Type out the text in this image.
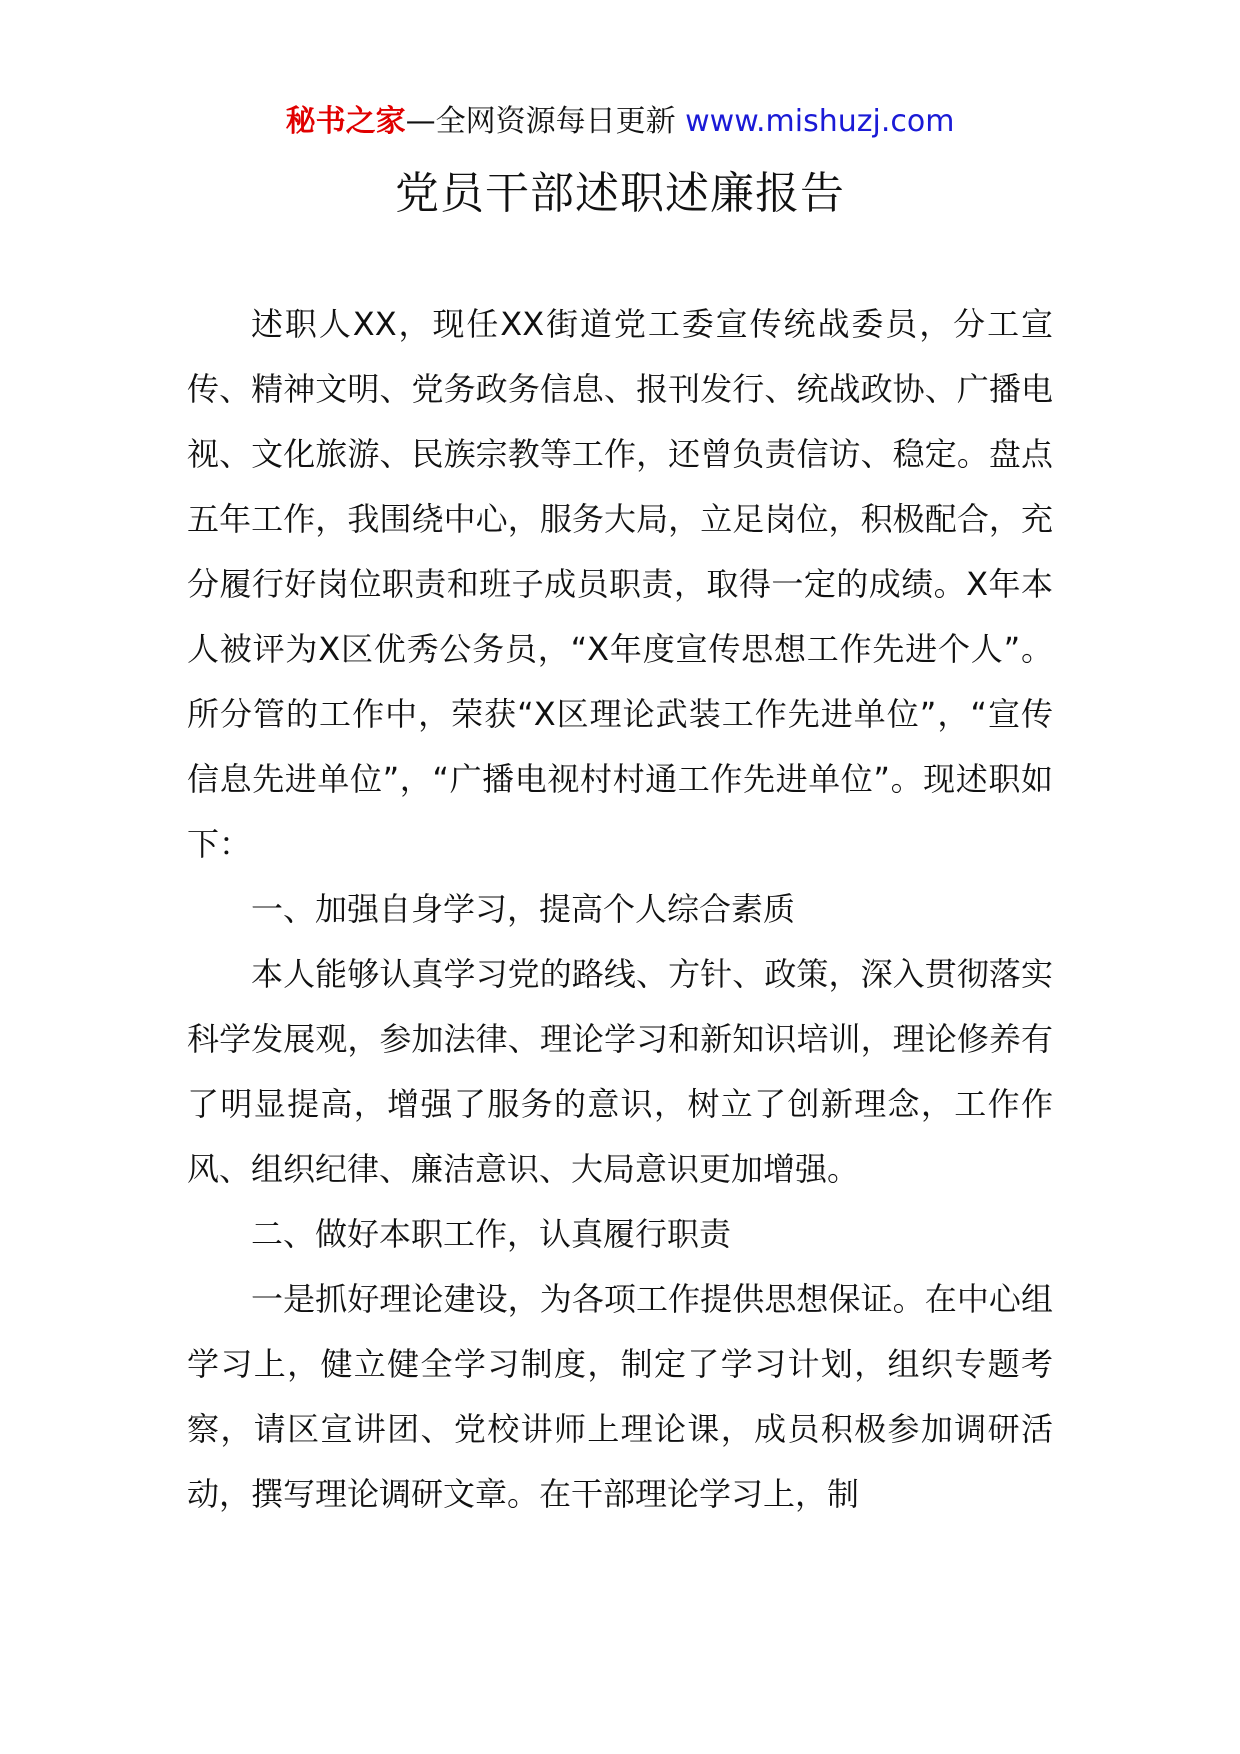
秘书之家—全网资源每日更新 www.mishuzj.com
党员干部述职述廉报告

述职人XX，现任XX街道党工委宣传统战委员，分工宣传、精神文明、党务政务信息、报刊发行、统战政协、广播电视、文化旅游、民族宗教等工作，还曾负责信访、稳定。盘点五年工作，我围绕中心，服务大局，立足岗位，积极配合，充分履行好岗位职责和班子成员职责，取得一定的成绩。X年本人被评为X区优秀公务员，“X年度宣传思想工作先进个人”。所分管的工作中，荣获“X区理论武装工作先进单位”，“宣传信息先进单位”，“广播电视村村通工作先进单位”。现述职如下：

一、加强自身学习，提高个人综合素质

本人能够认真学习党的路线、方针、政策，深入贯彻落实科学发展观，参加法律、理论学习和新知识培训，理论修养有了明显提高，增强了服务的意识，树立了创新理念，工作作风、组织纪律、廉洁意识、大局意识更加增强。

二、做好本职工作，认真履行职责

一是抓好理论建设，为各项工作提供思想保证。在中心组学习上，健立健全学习制度，制定了学习计划，组织专题考察，请区宣讲团、党校讲师上理论课，成员积极参加调研活动，撰写理论调研文章。在干部理论学习上，制
